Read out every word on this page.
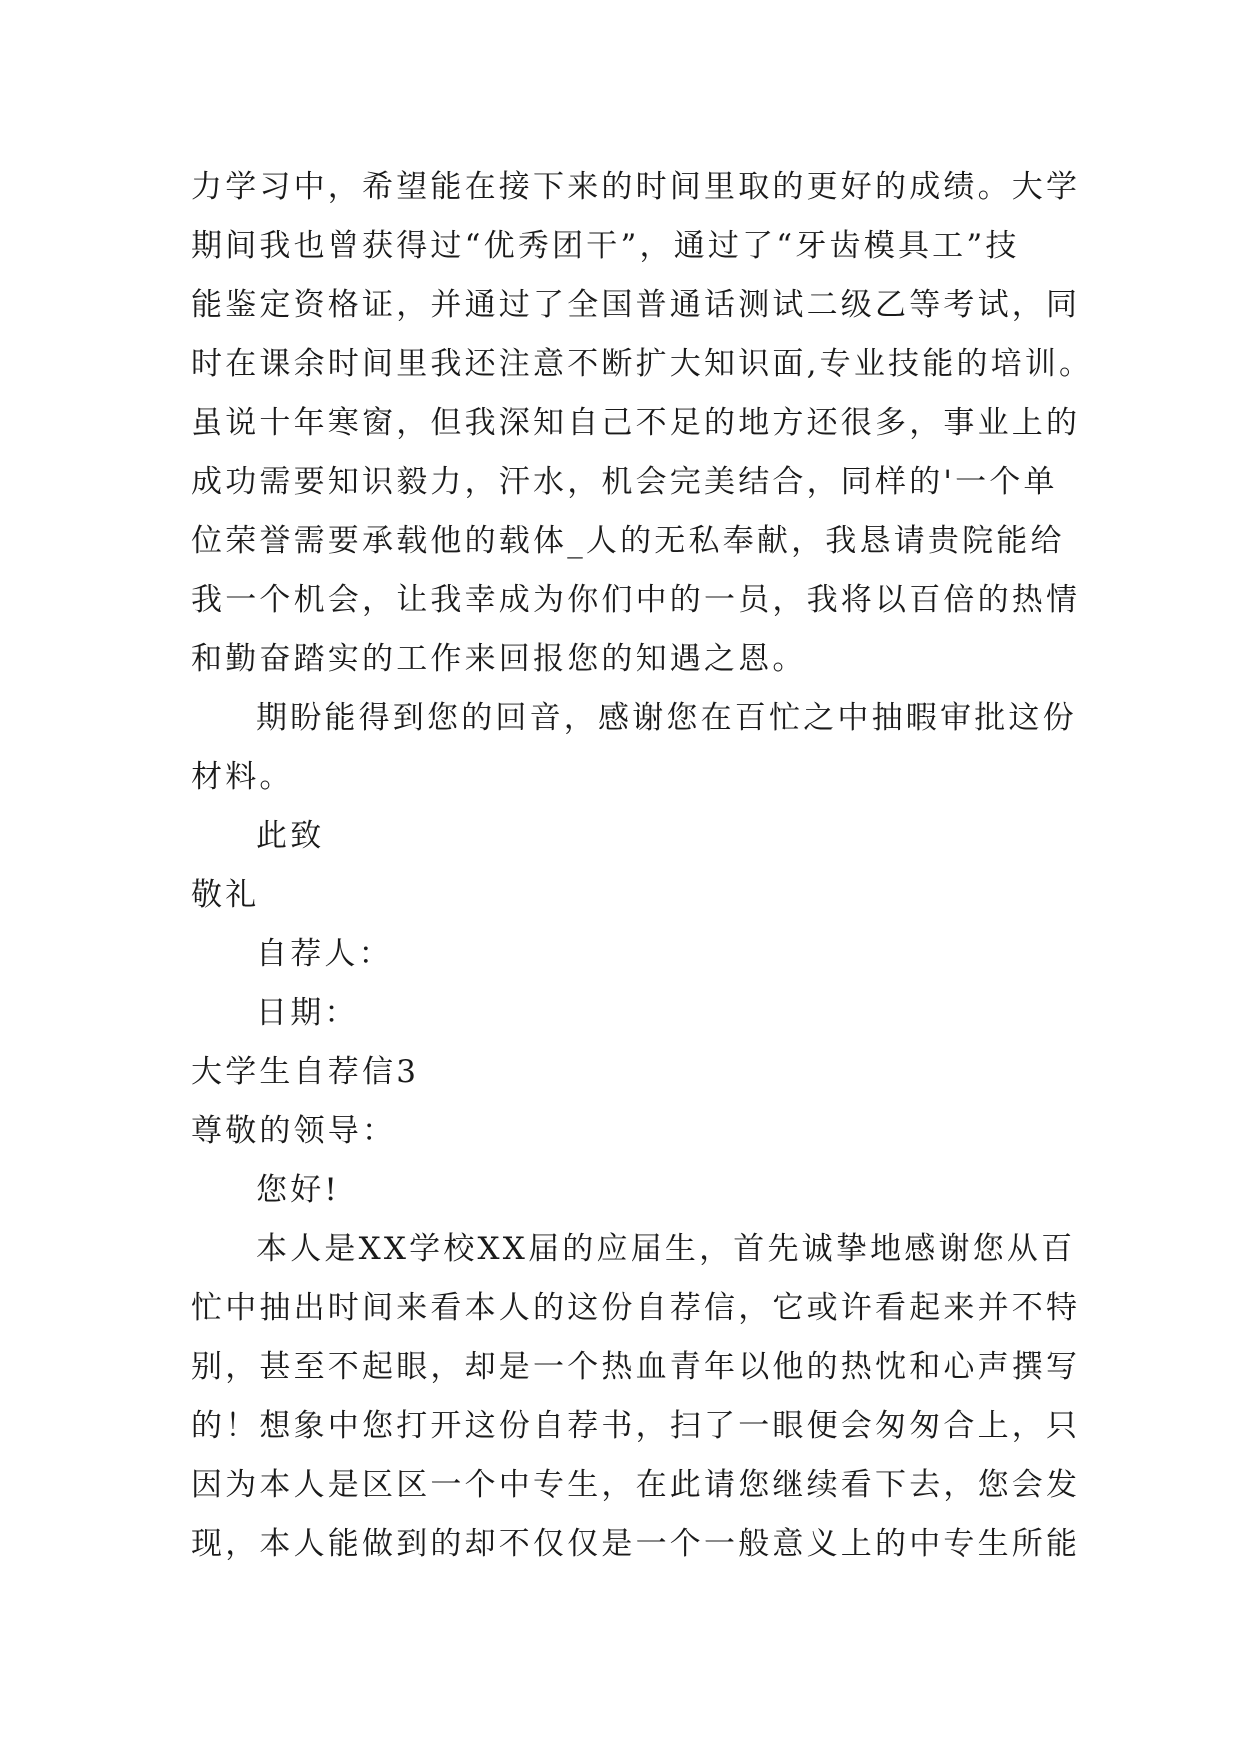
力学习中，希望能在接下来的时间里取的更好的成绩。大学
期间我也曾获得过“优秀团干”，通过了“牙齿模具工”技
能鉴定资格证，并通过了全国普通话测试二级乙等考试，同
时在课余时间里我还注意不断扩大知识面,专业技能的培训。
虽说十年寒窗，但我深知自己不足的地方还很多，事业上的
成功需要知识毅力，汗水，机会完美结合，同样的'一个单
位荣誉需要承载他的载体_人的无私奉献，我恳请贵院能给
我一个机会，让我幸成为你们中的一员，我将以百倍的热情
和勤奋踏实的工作来回报您的知遇之恩。
期盼能得到您的回音，感谢您在百忙之中抽暇审批这份
材料。
此致
敬礼
自荐人：
日期：
大学生自荐信3
尊敬的领导：
您好!
本人是XX学校XX届的应届生，首先诚挚地感谢您从百
忙中抽出时间来看本人的这份自荐信，它或许看起来并不特
别，甚至不起眼，却是一个热血青年以他的热忱和心声撰写
的！想象中您打开这份自荐书，扫了一眼便会匆匆合上，只
因为本人是区区一个中专生，在此请您继续看下去，您会发
现，本人能做到的却不仅仅是一个一般意义上的中专生所能
